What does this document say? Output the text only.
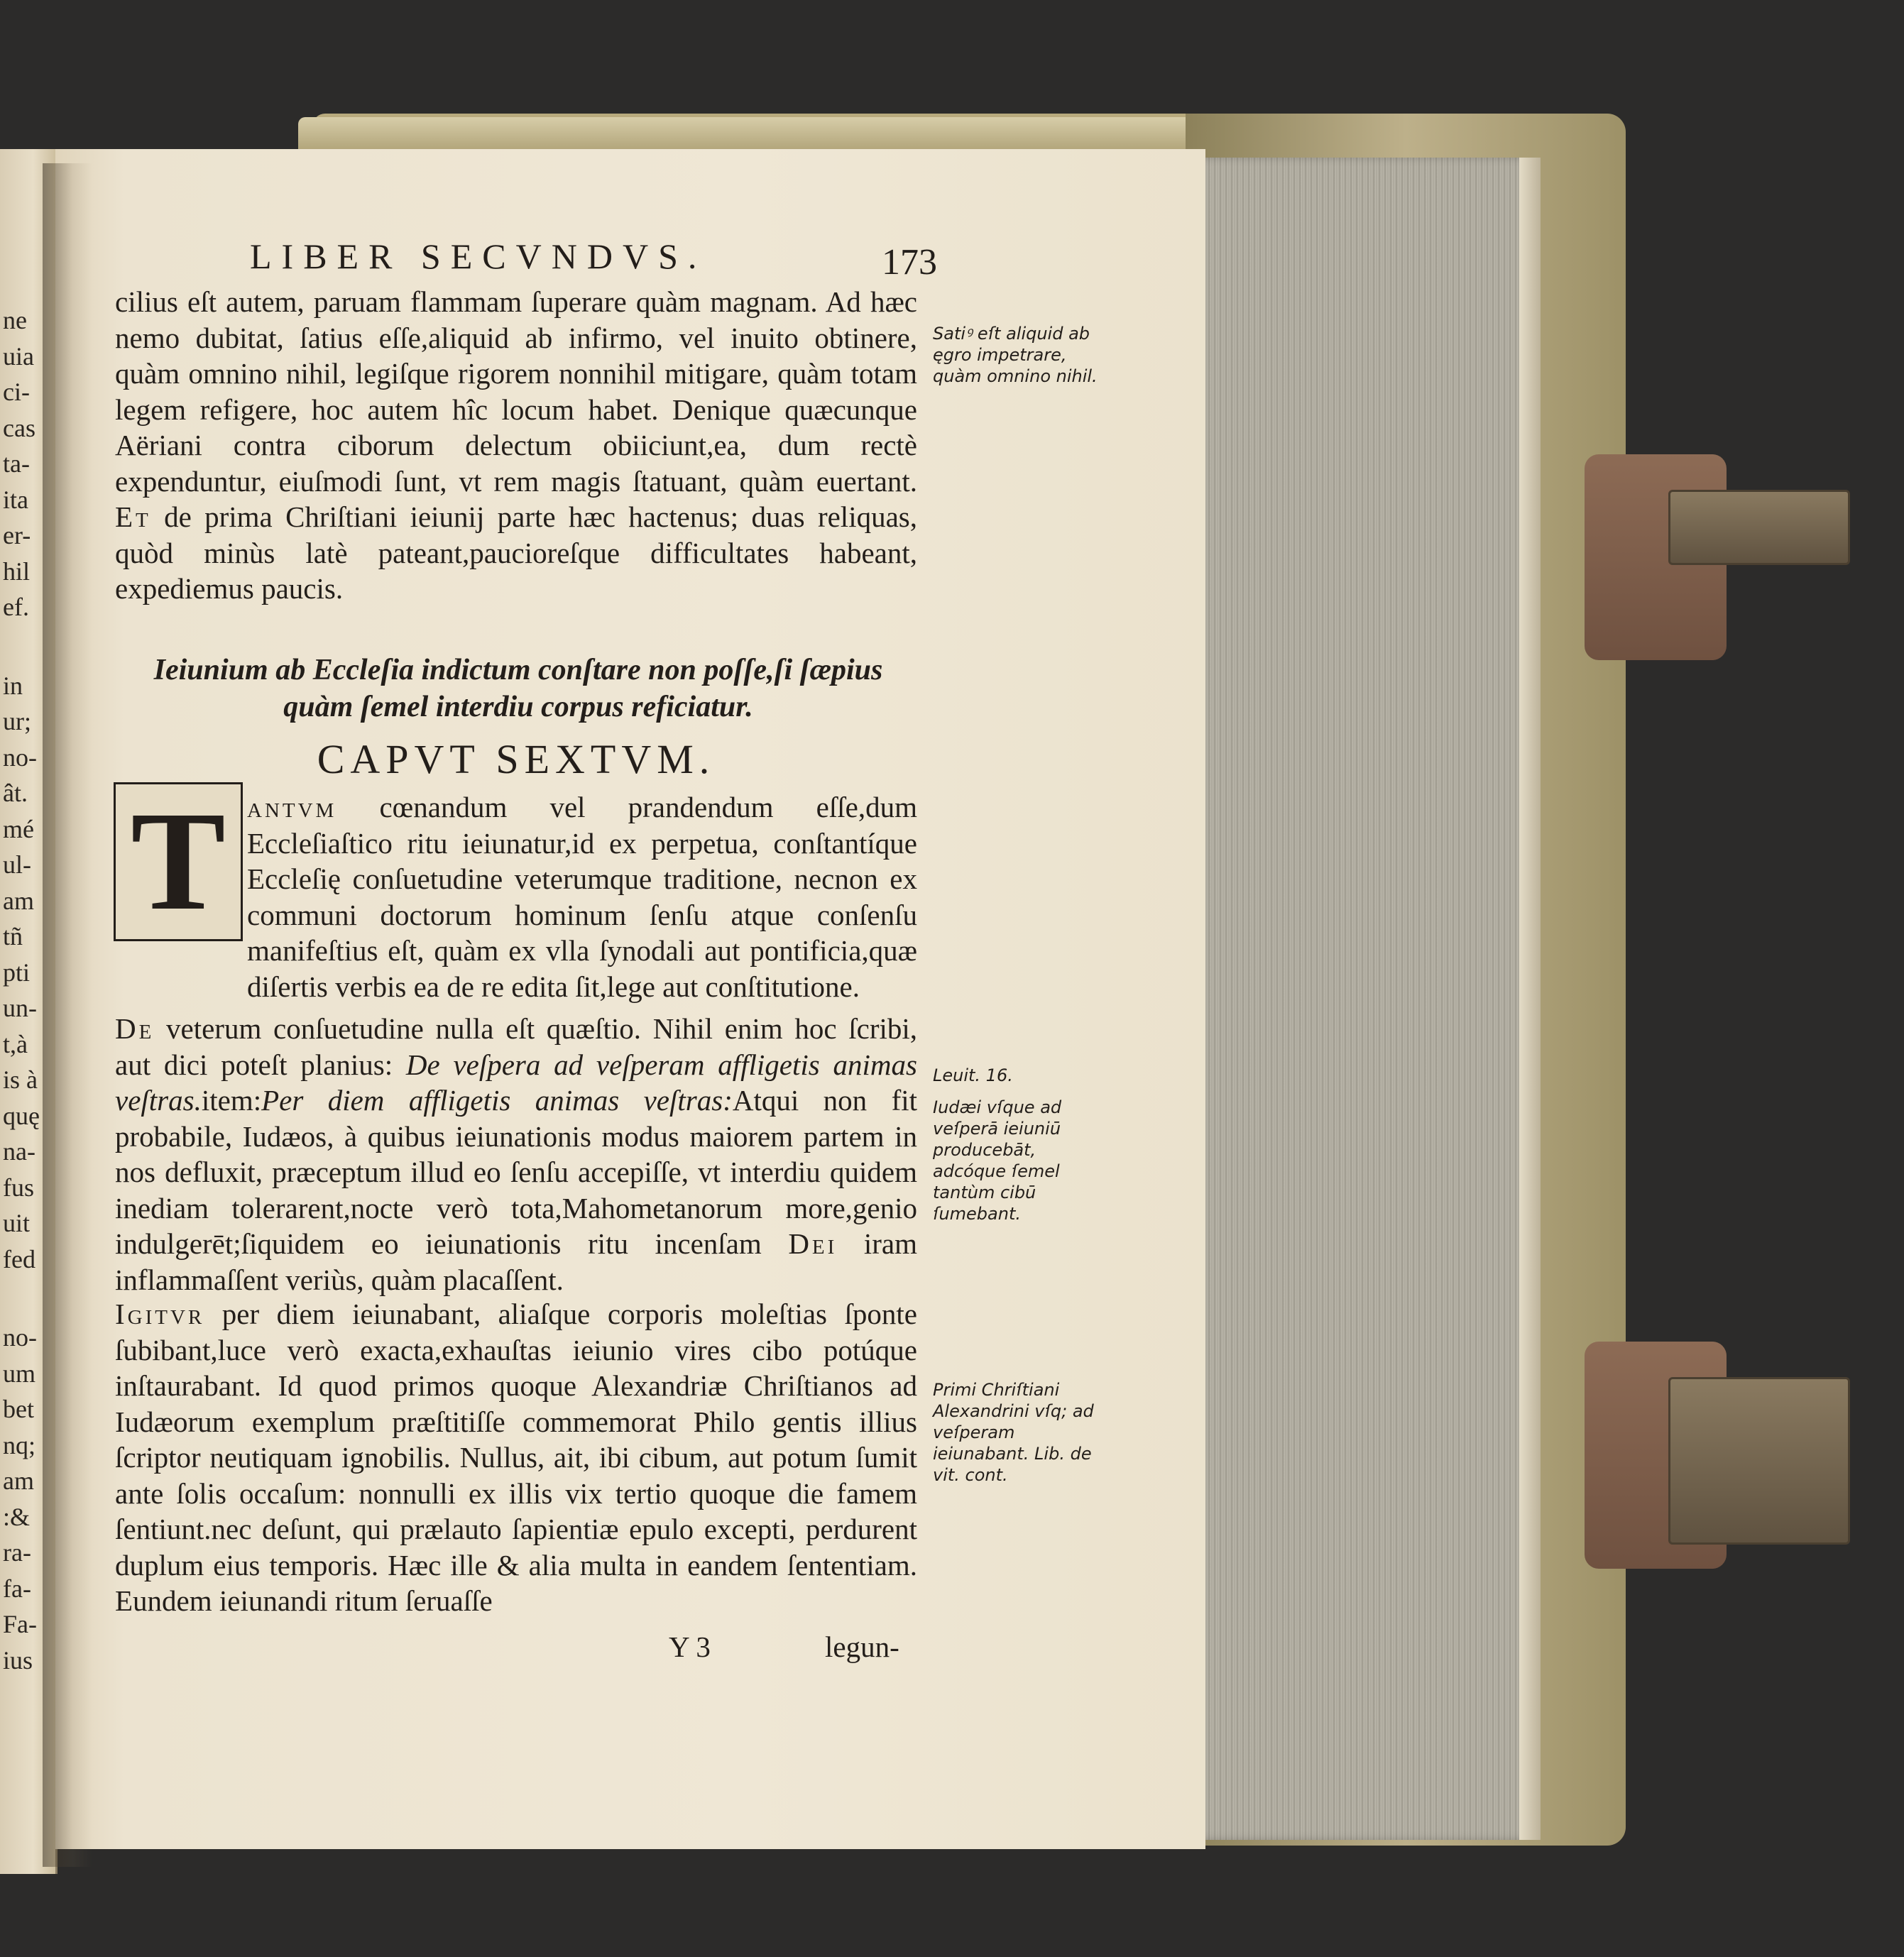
ne
uia
ci-
cas
ta-
ita
er-
hil
ef.
in
ur;
no-
ât.
mé
ul-
am
tñ
pti
un-
t,à
is à
quę
na-
fus
uit
fed
no-
um
bet
nq;
am
:&
ra-
fa-
Fa-
ius
LIBER SECVNDVS.	173

cilius eſt autem, paruam flammam ſuperare quàm magnam. Ad hæc nemo dubitat, ſatius eſſe,aliquid ab infirmo, vel inuito obtinere, quàm omnino nihil, legiſque rigorem nonnihil mitigare, quàm totam legem refigere, hoc autem hîc locum habet. Denique quæcunque Aëriani contra ciborum delectum obiiciunt,ea, dum rectè expenduntur, eiuſmodi ſunt, vt rem magis ſtatuant, quàm euertant. Et de prima Chriſtiani ieiunij parte hæc hactenus; duas reliquas, quòd minùs latè pateant,paucioreſque difficultates habeant, expediemus paucis.

Ieiunium ab Eccleſia indictum conſtare non poſſe,ſi ſæpius quàm ſemel interdiu corpus reficiatur.
CAPVT SEXTVM.
T antvm cœnandum vel prandendum eſſe,dum Eccleſiaſtico ritu ieiunatur,id ex perpetua, conſtantíque Eccleſię conſuetudine veterumque traditione, necnon ex communi doctorum hominum ſenſu atque conſenſu manifeſtius eſt, quàm ex vlla ſynodali aut pontificia,quæ diſertis verbis ea de re edita ſit,lege aut conſtitutione.

De veterum conſuetudine nulla eſt quæſtio. Nihil enim hoc ſcribi, aut dici poteſt planius: De veſpera ad veſperam affligetis animas veſtras.item:Per diem affligetis animas veſtras:Atqui non fit probabile, Iudæos, à quibus ieiunationis modus maiorem partem in nos defluxit, præceptum illud eo ſenſu accepiſſe, vt interdiu quidem inediam tolerarent,nocte verò tota,Mahometanorum more,genio indulgerēt;ſiquidem eo ieiunationis ritu incenſam Dei iram inflammaſſent veriùs, quàm placaſſent.

Igitvr per diem ieiunabant, aliaſque corporis moleſtias ſponte ſubibant,luce verò exacta,exhauſtas ieiunio vires cibo potúque inſtaurabant. Id quod primos quoque Alexandriæ Chriſtianos ad Iudæorum exemplum præſtitiſſe commemorat Philo gentis illius ſcriptor neutiquam ignobilis. Nullus, ait, ibi cibum, aut potum ſumit ante ſolis occaſum: nonnulli ex illis vix tertio quoque die famem ſentiunt.nec deſunt, qui prælauto ſapientiæ epulo excepti, perdurent duplum eius temporis. Hæc ille & alia multa in eandem ſententiam. Eundem ieiunandi ritum ſeruaſſe

Y 3	legun-
Satiꝰ eſt aliquid ab ęgro impetrare, quàm omnino nihil.
Leuit. 16.
Iudæi vſque ad veſperā ieiuniū producebāt, adcóque ſemel tantùm cibū ſumebant.
Primi Chriſtiani Alexandrini vſq; ad veſperam ieiunabant. Lib. de vit. cont.
